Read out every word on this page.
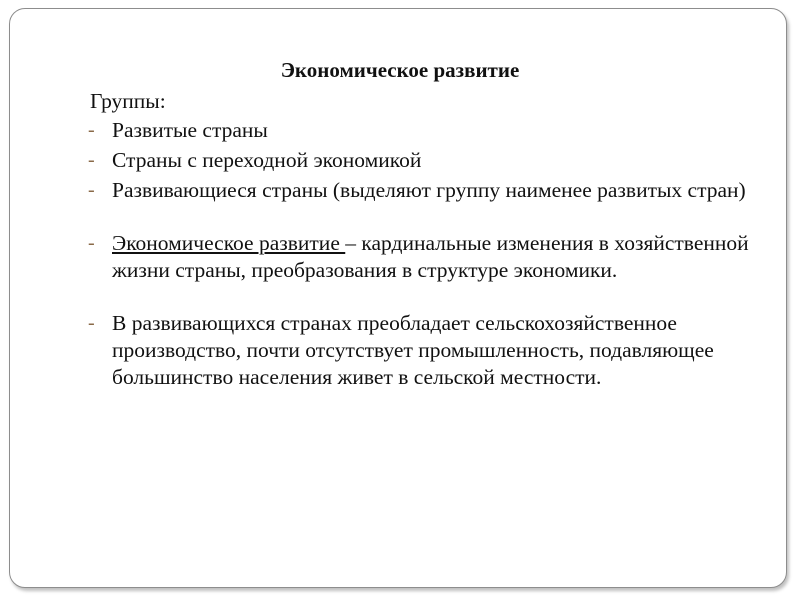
Экономическое развитие
Группы:
- Развитые страны
- Страны с переходной экономикой
- Развивающиеся страны (выделяют группу наименее развитых стран)
- Экономическое развитие – кардинальные изменения в хозяйственной жизни страны, преобразования в структуре экономики.
- В развивающихся странах преобладает сельскохозяйственное производство, почти отсутствует промышленность, подавляющее большинство населения живет в сельской местности.
